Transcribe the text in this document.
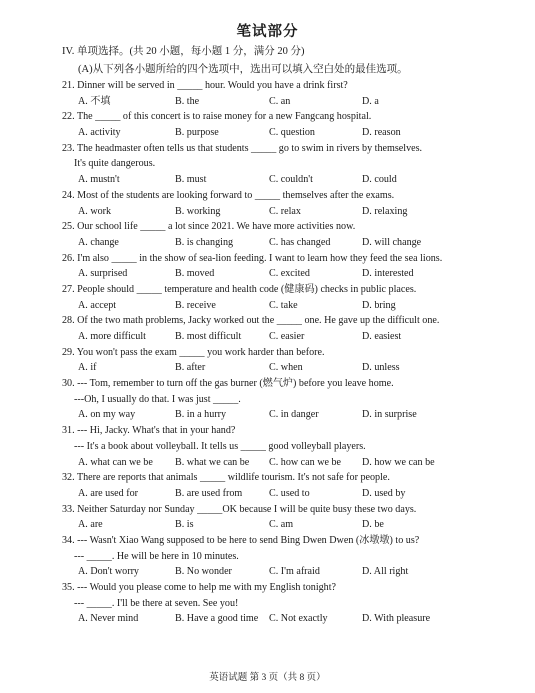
笔试部分
IV. 单项选择。(共 20 小题，每小题 1 分，满分 20 分)
(A)从下列各小题所给的四个选项中，选出可以填入空白处的最佳选项。
21. Dinner will be served in _____ hour. Would you have a drink first?
A. 不填	B. the	C. an	D. a
22. The _____ of this concert is to raise money for a new Fangcang hospital.
A. activity	B. purpose	C. question	D. reason
23. The headmaster often tells us that students _____ go to swim in rivers by themselves.
It's quite dangerous.
A. mustn't	B. must	C. couldn't	D. could
24. Most of the students are looking forward to _____ themselves after the exams.
A. work	B. working	C. relax	D. relaxing
25. Our school life _____ a lot since 2021. We have more activities now.
A. change	B. is changing	C. has changed	D. will change
26. I'm also _____ in the show of sea-lion feeding. I want to learn how they feed the sea lions.
A. surprised	B. moved	C. excited	D. interested
27. People should _____ temperature and health code (健康码) checks in public places.
A. accept	B. receive	C. take	D. bring
28. Of the two math problems, Jacky worked out the _____ one. He gave up the difficult one.
A. more difficult	B. most difficult	C. easier	D. easiest
29. You won't pass the exam _____ you work harder than before.
A. if	B. after	C. when	D. unless
30. --- Tom, remember to turn off the gas burner (燃气炉) before you leave home.
---Oh, I usually do that. I was just _____.
A. on my way	B. in a hurry	C. in danger	D. in surprise
31. --- Hi, Jacky. What's that in your hand?
--- It's a book about volleyball. It tells us _____ good volleyball players.
A. what can we be B. what we can be C. how can we be D. how we can be
32. There are reports that animals _____ wildlife tourism. It's not safe for people.
A. are used for	B. are used from	C. used to	D. used by
33. Neither Saturday nor Sunday _____OK because I will be quite busy these two days.
A. are	B. is	C. am	D. be
34. --- Wasn't Xiao Wang supposed to be here to send Bing Dwen Dwen (冰墩墩) to us?
--- _____. He will be here in 10 minutes.
A. Don't worry	B. No wonder	C. I'm afraid	D. All right
35. --- Would you please come to help me with my English tonight?
--- _____. I'll be there at seven. See you!
A. Never mind	B. Have a good time C. Not exactly	D. With pleasure
英语试题 第 3 页（共 8 页）
